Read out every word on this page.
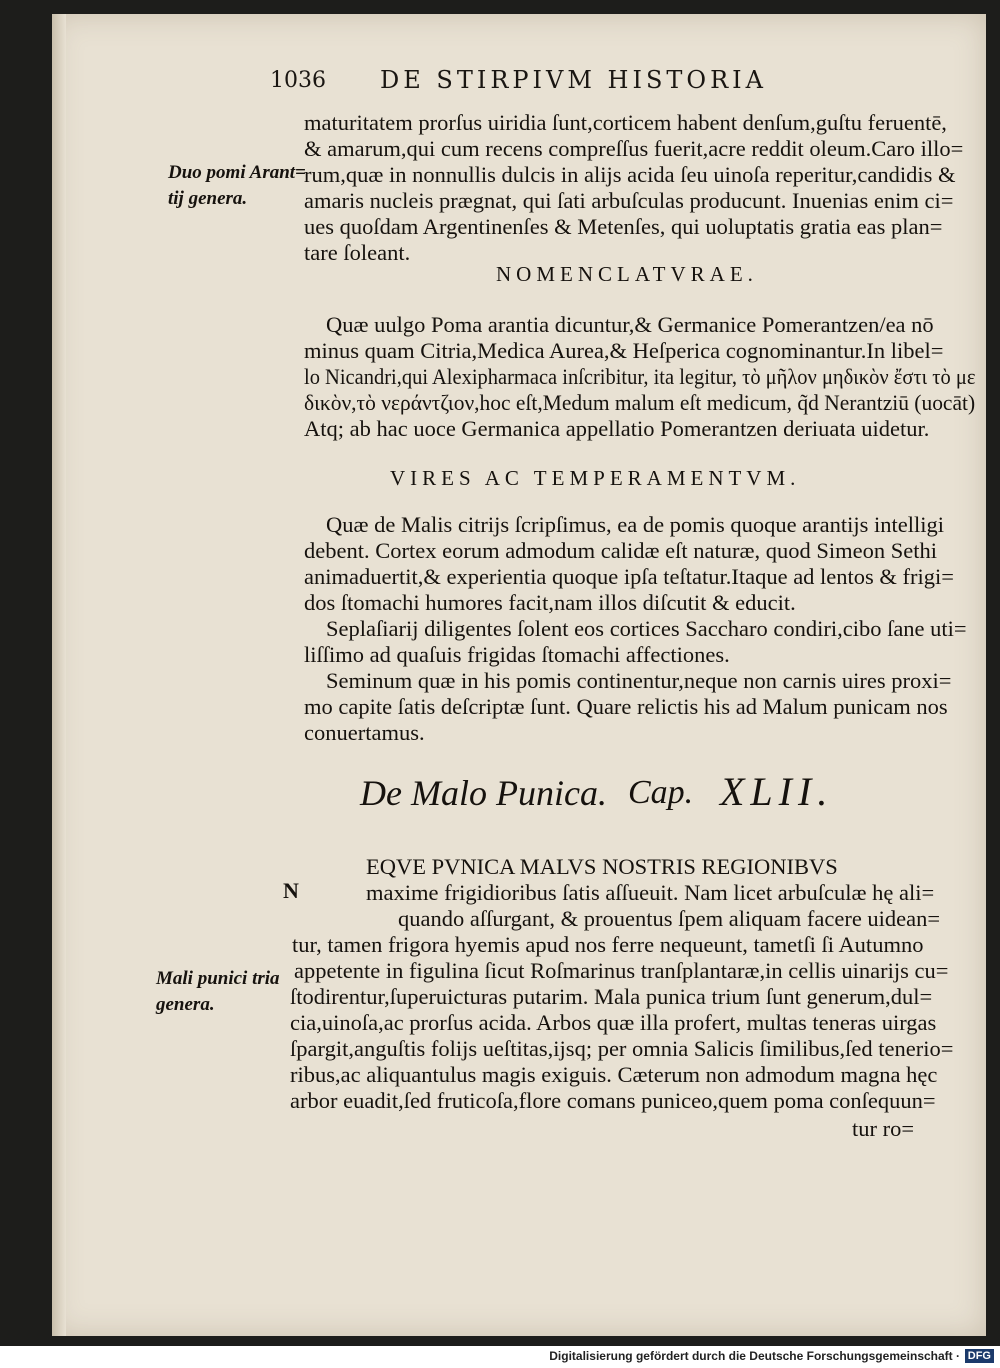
1036 DE STIRPIVM HISTORIA
Duo pomi Arant=
tij genera.
Mali punici tria
genera.
maturitatem prorſus uiridia ſunt,corticem habent denſum,guſtu feruentē,
& amarum,qui cum recens compreſſus fuerit,acre reddit oleum.Caro illo=
rum,quæ in nonnullis dulcis in alijs acida ſeu uinoſa reperitur,candidis &
amaris nucleis prægnat, qui ſati arbuſculas producunt. Inuenias enim ci=
ues quoſdam Argentinenſes & Metenſes, qui uoluptatis gratia eas plan=
tare ſoleant.
NOMENCLATVRAE.
Quæ uulgo Poma arantia dicuntur,& Germanice Pomerantzen/ea nō
minus quam Citria,Medica Aurea,& Heſperica cognominantur.In libel=
lo Nicandri,qui Alexipharmaca inſcribitur, ita legitur, τὸ μῆλον μηδικὸν ἔστι τὸ με
δικὸν,τὸ νεράντζιον,hoc eſt,Medum malum eſt medicum, q̃d Nerantziū (uocāt)
Atq; ab hac uoce Germanica appellatio Pomerantzen deriuata uidetur.
VIRES AC TEMPERAMENTVM.
Quæ de Malis citrijs ſcripſimus, ea de pomis quoque arantijs intelligi
debent. Cortex eorum admodum calidæ eſt naturæ, quod Simeon Sethi
animaduertit,& experientia quoque ipſa teſtatur.Itaque ad lentos & frigi=
dos ſtomachi humores facit,nam illos diſcutit & educit.
Seplaſiarij diligentes ſolent eos cortices Saccharo condiri,cibo ſane uti=
liſſimo ad quaſuis frigidas ſtomachi affectiones.
Seminum quæ in his pomis continentur,neque non carnis uires proxi=
mo capite ſatis deſcriptæ ſunt. Quare relictis his ad Malum punicam nos
conuertamus.
De Malo Punica. Cap. XLII.
N
EQVE PVNICA MALVS NOSTRIS REGIONIBVS
maxime frigidioribus ſatis aſſueuit. Nam licet arbuſculæ hę ali=
quando aſſurgant, & prouentus ſpem aliquam facere uidean=
tur, tamen frigora hyemis apud nos ferre nequeunt, tametſi ſi Autumno
appetente in figulina ſicut Roſmarinus tranſplantaræ,in cellis uinarijs cu=
ſtodirentur,ſuperuicturas putarim. Mala punica trium ſunt generum,dul=
cia,uinoſa,ac prorſus acida. Arbos quæ illa profert, multas teneras uirgas
ſpargit,anguſtis folijs ueſtitas,ijsq; per omnia Salicis ſimilibus,ſed tenerio=
ribus,ac aliquantulus magis exiguis. Cæterum non admodum magna hęc
arbor euadit,ſed fruticoſa,flore comans puniceo,quem poma conſequun=
tur ro=
Digitalisierung gefördert durch die Deutsche Forschungsgemeinschaft · DFG
